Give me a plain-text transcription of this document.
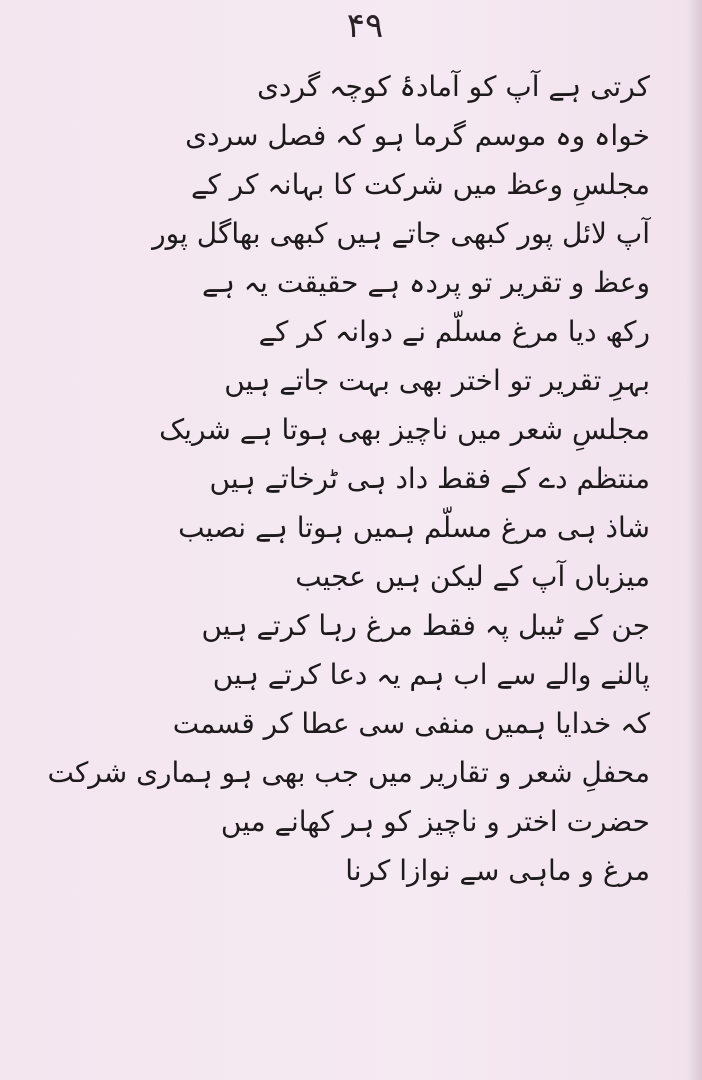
۴۹
کرتی ہے آپ کو آمادۂ کوچہ گردی
خواہ وہ موسم گرما ہو کہ فصل سردی
مجلسِ وعظ میں شرکت کا بہانہ کر کے
آپ لائل پور کبھی جاتے ہیں کبھی بھاگل پور
وعظ و تقریر تو پردہ ہے حقیقت یہ ہے
رکھ دیا مرغ مسلّم نے دوانہ کر کے
بہرِ تقریر تو اختر بھی بہت جاتے ہیں
مجلسِ شعر میں ناچیز بھی ہوتا ہے شریک
منتظم دے کے فقط داد ہی ٹرخاتے ہیں
شاذ ہی مرغ مسلّم ہمیں ہوتا ہے نصیب
میزباں آپ کے لیکن ہیں عجیب
جن کے ٹیبل پہ فقط مرغ رہا کرتے ہیں
پالنے والے سے اب ہم یہ دعا کرتے ہیں
کہ خدایا ہمیں منفی سی عطا کر قسمت
محفلِ شعر و تقاریر میں جب بھی ہو ہماری شرکت
حضرت اختر و ناچیز کو ہر کھانے میں
مرغ و ماہی سے نوازا کرنا
